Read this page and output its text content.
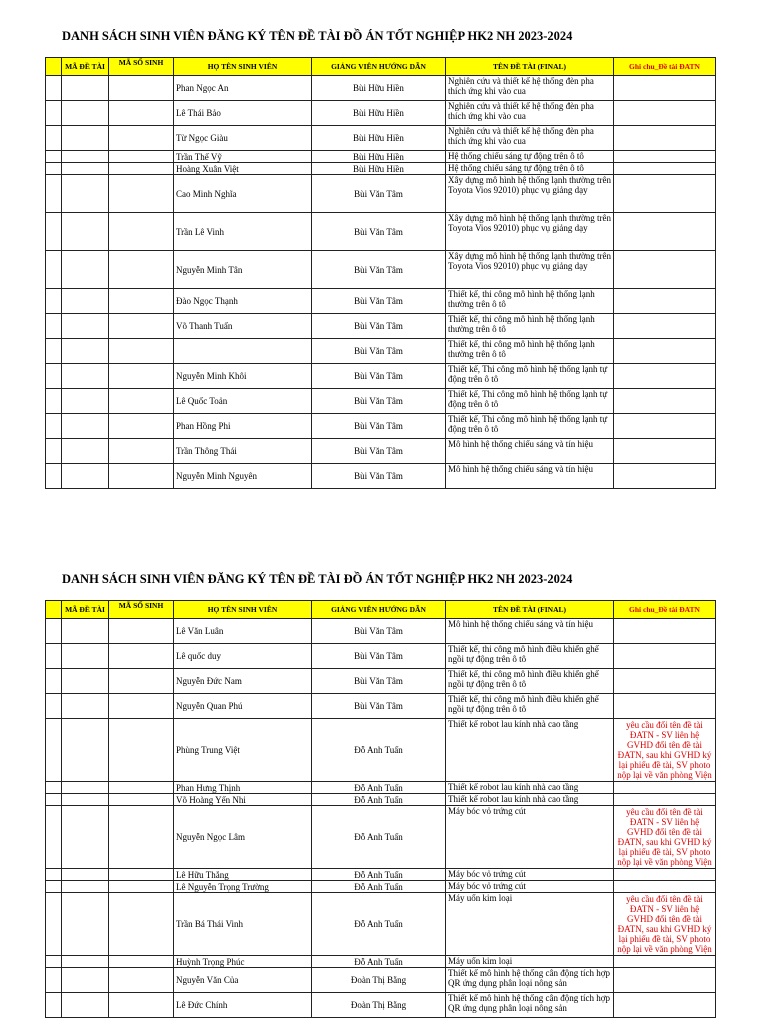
DANH SÁCH SINH VIÊN ĐĂNG KÝ TÊN ĐỀ TÀI ĐỒ ÁN TỐT NGHIỆP HK2 NH 2023-2024
	MÃ ĐỀ TÀI	MÃ SỐ SINH	HỌ TÊN SINH VIÊN	GIẢNG VIÊN HƯỚNG DẪN	TÊN ĐỀ TÀI (FINAL)	Ghi chu_Đề tài ĐATN
			Phan Ngọc An	Bùi Hữu Hiền	Nghiên cứu và thiết kế hệ thống đèn pha thích ứng khi vào cua	
			Lê Thái Bảo	Bùi Hữu Hiền	Nghiên cứu và thiết kế hệ thống đèn pha thích ứng khi vào cua	
			Từ Ngọc Giàu	Bùi Hữu Hiền	Nghiên cứu và thiết kế hệ thống đèn pha thích ứng khi vào cua	
			Trần Thế Vỹ	Bùi Hữu Hiền	Hệ thống chiếu sáng tự động trên ô tô	
			Hoàng Xuân Việt	Bùi Hữu Hiền	Hệ thống chiếu sáng tự động trên ô tô	
			Cao Minh Nghĩa	Bùi Văn Tâm	Xây dựng mô hình hệ thống lạnh thường trên Toyota Vios 92010) phục vụ giảng dạy	
			Trần Lê Vinh	Bùi Văn Tâm	Xây dựng mô hình hệ thống lạnh thường trên Toyota Vios 92010) phục vụ giảng dạy	
			Nguyễn Minh Tân	Bùi Văn Tâm	Xây dựng mô hình hệ thống lạnh thường trên Toyota Vios 92010) phục vụ giảng dạy	
			Đào Ngọc Thạnh	Bùi Văn Tâm	Thiết kế, thi công mô hình hệ thống lạnh thường trên ô tô	
			Võ Thanh Tuấn	Bùi Văn Tâm	Thiết kế, thi công mô hình hệ thống lạnh thường trên ô tô	
				Bùi Văn Tâm	Thiết kế, thi công mô hình hệ thống lạnh thường trên ô tô	
			Nguyễn Minh Khôi	Bùi Văn Tâm	Thiết kế, Thi công mô hình hệ thống lạnh tự động trên ô tô	
			Lê Quốc Toản	Bùi Văn Tâm	Thiết kế, Thi công mô hình hệ thống lạnh tự động trên ô tô	
			Phan Hồng Phi	Bùi Văn Tâm	Thiết kế, Thi công mô hình hệ thống lạnh tự động trên ô tô	
			Trần Thông Thái	Bùi Văn Tâm	Mô hình hệ thống chiếu sáng và tín hiệu	
			Nguyễn Minh Nguyên	Bùi Văn Tâm	Mô hình hệ thống chiếu sáng và tín hiệu	
DANH SÁCH SINH VIÊN ĐĂNG KÝ TÊN ĐỀ TÀI ĐỒ ÁN TỐT NGHIỆP HK2 NH 2023-2024
	MÃ ĐỀ TÀI	MÃ SỐ SINH	HỌ TÊN SINH VIÊN	GIẢNG VIÊN HƯỚNG DẪN	TÊN ĐỀ TÀI (FINAL)	Ghi chu_Đề tài ĐATN
			Lê Văn Luân	Bùi Văn Tâm	Mô hình hệ thống chiếu sáng và tín hiệu	
			Lê quốc duy	Bùi Văn Tâm	Thiết kế, thi công mô hình điều khiển ghế ngồi tự động trên ô tô	
			Nguyễn Đức Nam	Bùi Văn Tâm	Thiết kế, thi công mô hình điều khiển ghế ngồi tự động trên ô tô	
			Nguyễn Quan Phú	Bùi Văn Tâm	Thiết kế, thi công mô hình điều khiển ghế ngồi tự động trên ô tô	
			Phùng Trung Việt	Đỗ Anh Tuấn	Thiết kế robot lau kính nhà cao tầng	yêu cầu đổi tên đề tài ĐATN - SV liên hệ GVHD đổi tên đề tài ĐATN, sau khi GVHD ký lại phiếu đề tài, SV photo nộp lại về văn phòng Viện
			Phan Hưng Thịnh	Đỗ Anh Tuấn	Thiết kế robot lau kính nhà cao tầng	
			Võ Hoàng Yến Nhi	Đỗ Anh Tuấn	Thiết kế robot lau kính nhà cao tầng	
			Nguyễn Ngọc Lâm	Đỗ Anh Tuấn	Máy bóc vỏ trứng cút	yêu cầu đổi tên đề tài ĐATN - SV liên hệ GVHD đổi tên đề tài ĐATN, sau khi GVHD ký lại phiếu đề tài, SV photo nộp lại về văn phòng Viện
			Lê Hữu Thắng	Đỗ Anh Tuấn	Máy bóc vỏ trứng cút	
			Lê Nguyễn Trọng Trường	Đỗ Anh Tuấn	Máy bóc vỏ trứng cút	
			Trần Bá Thái Vinh	Đỗ Anh Tuấn	Máy uốn kim loại	yêu cầu đổi tên đề tài ĐATN - SV liên hệ GVHD đổi tên đề tài ĐATN, sau khi GVHD ký lại phiếu đề tài, SV photo nộp lại về văn phòng Viện
			Huỳnh Trọng Phúc	Đỗ Anh Tuấn	Máy uốn kim loại	
			Nguyễn Văn Của	Đoàn Thị Bằng	Thiết kế mô hình hệ thống cân động tích hợp QR ứng dụng phân loại nông sản	
			Lê Đức Chính	Đoàn Thị Bằng	Thiết kế mô hình hệ thống cân động tích hợp QR ứng dụng phân loại nông sản	
